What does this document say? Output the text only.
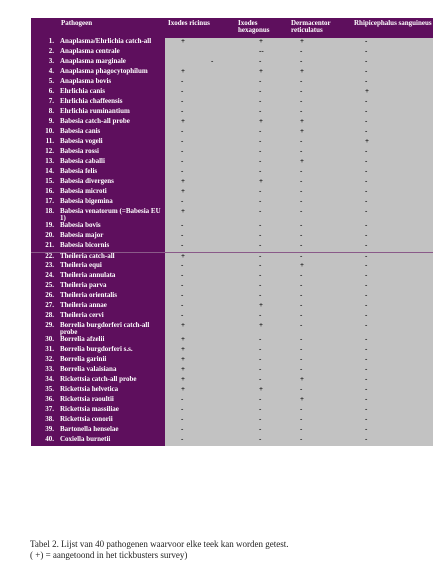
	Pathogeen	Ixodes ricinus	Ixodes hexagonus	Dermacentor reticulatus	Rhipicephalus sanguineus
1.	Anaplasma/Ehrlichia catch-all	+	+	+	-
2.	Anaplasma centrale		--	-	-
3.	Anaplasma marginale	-	-	-	-
4.	Anaplasma phagocytophilum	+	+	+	-
5.	Anaplasma bovis	-	-	-	-
6.	Ehrlichia canis	-	-	-	+
7.	Ehrlichia chaffeensis	-	-	-	-
8.	Ehrlichia ruminantium	-	-	-	-
9.	Babesia catch-all probe	+	+	+	-
10.	Babesia canis	-	-	+	-
11.	Babesia vogeli	-	-	-	+
12.	Babesia rossi	-	-	-	-
13.	Babesia caballi	-	-	+	-
14.	Babesia felis	-	-	-	-
15.	Babesia divergens	+	+	-	-
16.	Babesia microti	+	-	-	-
17.	Babesia bigemina	-	-	-	-
18.	Babesia venatorum (=Babesia EU 1)	+	-	-	-
19.	Babesia bovis	-	-	-	-
20.	Babesia major	-	-	-	-
21.	Babesia bicornis	-	-	-	-
22.	Theileria catch-all	+	-	-	-
23.	Theileria equi	-	-	+	-
24.	Theileria annulata	-	-	-	-
25.	Theileria parva	-	-	-	-
26.	Theileria orientalis	-	-	-	-
27.	Theileria annae	-	+	-	-
28.	Theileria cervi	-	-	-	-
29.	Borrelia burgdorferi catch-all probe	+	+	-	-
30.	Borrelia afzelii	+	-	-	-
31.	Borrelia burgdorferi s.s.	+	-	-	-
32.	Borrelia garinii	+	-	-	-
33.	Borrelia valaisiana	+	-	-	-
34.	Rickettsia catch-all probe	+	-	+	-
35.	Rickettsia helvetica	+	+	-	-
36.	Rickettsia raoultii	-	-	+	-
37.	Rickettsia massiliae	-	-	-	-
38.	Rickettsia conorii	-	-	-	-
39.	Bartonella henselae	-	-	-	-
40.	Coxiella burnetii	-	-	-	-
Tabel 2. Lijst van 40 pathogenen waarvoor elke teek kan worden getest.
( +) = aangetoond in het tickbusters survey)
